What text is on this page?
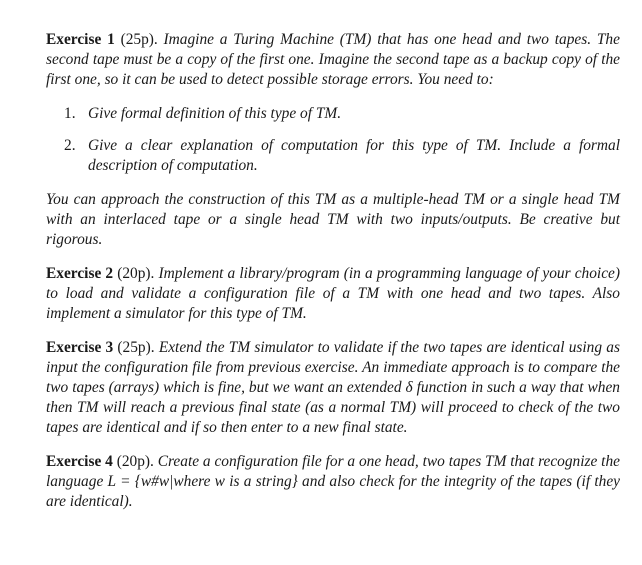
Exercise 1 (25p). Imagine a Turing Machine (TM) that has one head and two tapes. The second tape must be a copy of the first one. Imagine the second tape as a backup copy of the first one, so it can be used to detect possible storage errors. You need to:

1. Give formal definition of this type of TM.
2. Give a clear explanation of computation for this type of TM. Include a formal description of computation.

You can approach the construction of this TM as a multiple-head TM or a single head TM with an interlaced tape or a single head TM with two inputs/outputs. Be creative but rigorous.

Exercise 2 (20p). Implement a library/program (in a programming language of your choice) to load and validate a configuration file of a TM with one head and two tapes. Also implement a simulator for this type of TM.

Exercise 3 (25p). Extend the TM simulator to validate if the two tapes are identical using as input the configuration file from previous exercise. An immediate approach is to compare the two tapes (arrays) which is fine, but we want an extended δ function in such a way that when then TM will reach a previous final state (as a normal TM) will proceed to check of the two tapes are identical and if so then enter to a new final state.

Exercise 4 (20p). Create a configuration file for a one head, two tapes TM that recognize the language L = {w#w|where w is a string} and also check for the integrity of the tapes (if they are identical).
